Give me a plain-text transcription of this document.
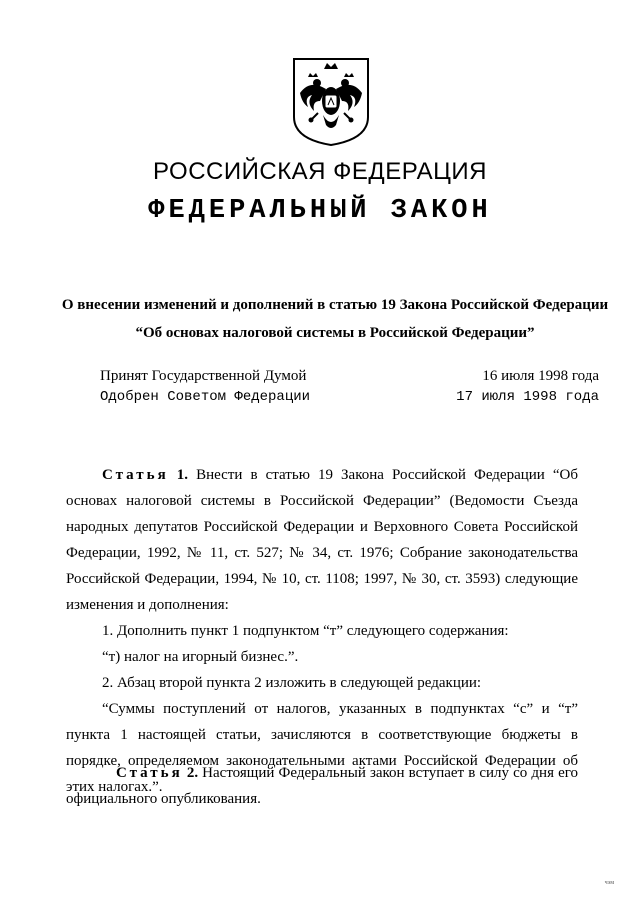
РОССИЙСКАЯ ФЕДЕРАЦИЯ
ФЕДЕРАЛЬНЫЙ ЗАКОН
О внесении изменений и дополнений в статью 19 Закона Российской Федерации
“Об основах налоговой системы в Российской Федерации”
Принят Государственной Думой	16 июля 1998 года
Одобрен Советом Федерации	17 июля 1998 года

Статья 1. Внести в статью 19 Закона Российской Федерации “Об основах налоговой системы в Российской Федерации” (Ведомости Съезда народных депутатов Российской Федерации и Верховного Совета Российской Федерации, 1992, № 11, ст. 527; № 34, ст. 1976; Собрание законодательства Российской Федерации, 1994, № 10, ст. 1108; 1997, № 30, ст. 3593) следующие изменения и дополнения:

1. Дополнить пункт 1 подпунктом “т” следующего содержания:

“т) налог на игорный бизнес.”.

2. Абзац второй пункта 2 изложить в следующей редакции:

“Суммы поступлений от налогов, указанных в подпунктах “с” и “т” пункта 1 настоящей статьи, зачисляются в соответствующие бюджеты в порядке, определяемом законодательными актами Российской Федерации об этих налогах.”.

Статья 2. Настоящий Федеральный закон вступает в силу со дня его официального опубликования.

чэм
